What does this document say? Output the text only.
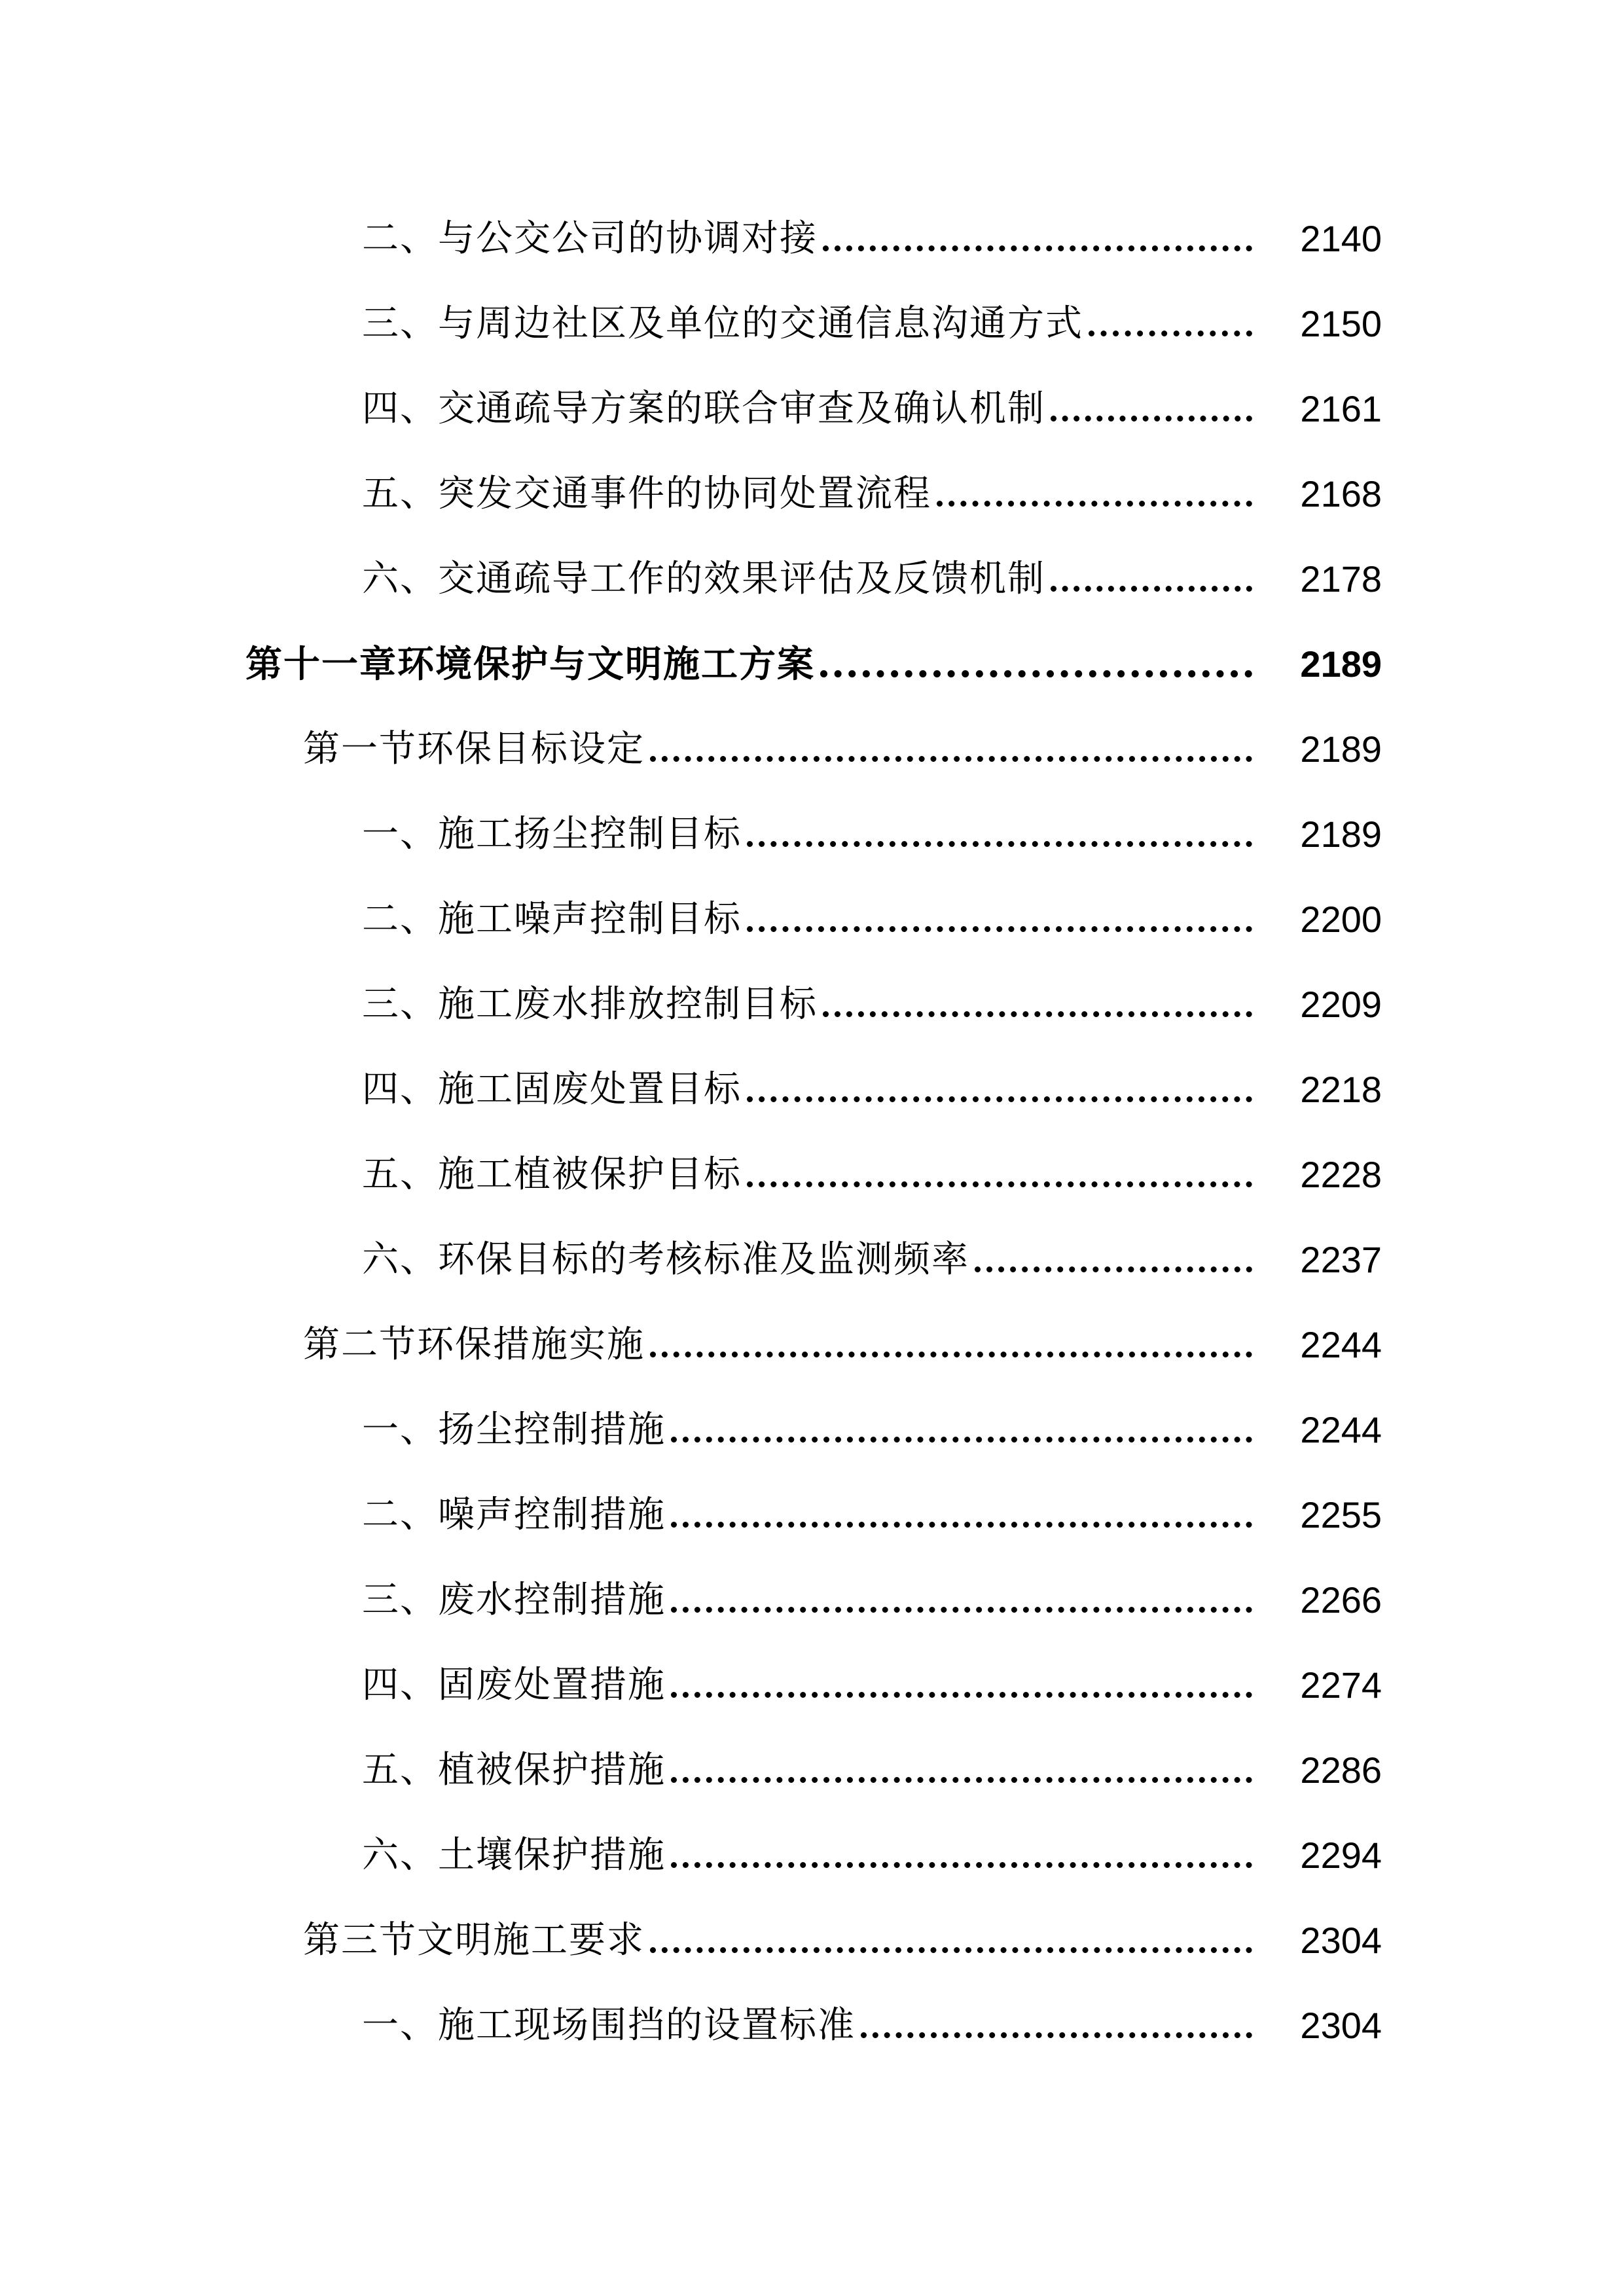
二、与公交公司的协调对接	2140
三、与周边社区及单位的交通信息沟通方式	2150
四、交通疏导方案的联合审查及确认机制	2161
五、突发交通事件的协同处置流程	2168
六、交通疏导工作的效果评估及反馈机制	2178
第十一章环境保护与文明施工方案	2189
第一节环保目标设定	2189
一、施工扬尘控制目标	2189
二、施工噪声控制目标	2200
三、施工废水排放控制目标	2209
四、施工固废处置目标	2218
五、施工植被保护目标	2228
六、环保目标的考核标准及监测频率	2237
第二节环保措施实施	2244
一、扬尘控制措施	2244
二、噪声控制措施	2255
三、废水控制措施	2266
四、固废处置措施	2274
五、植被保护措施	2286
六、土壤保护措施	2294
第三节文明施工要求	2304
一、施工现场围挡的设置标准	2304
